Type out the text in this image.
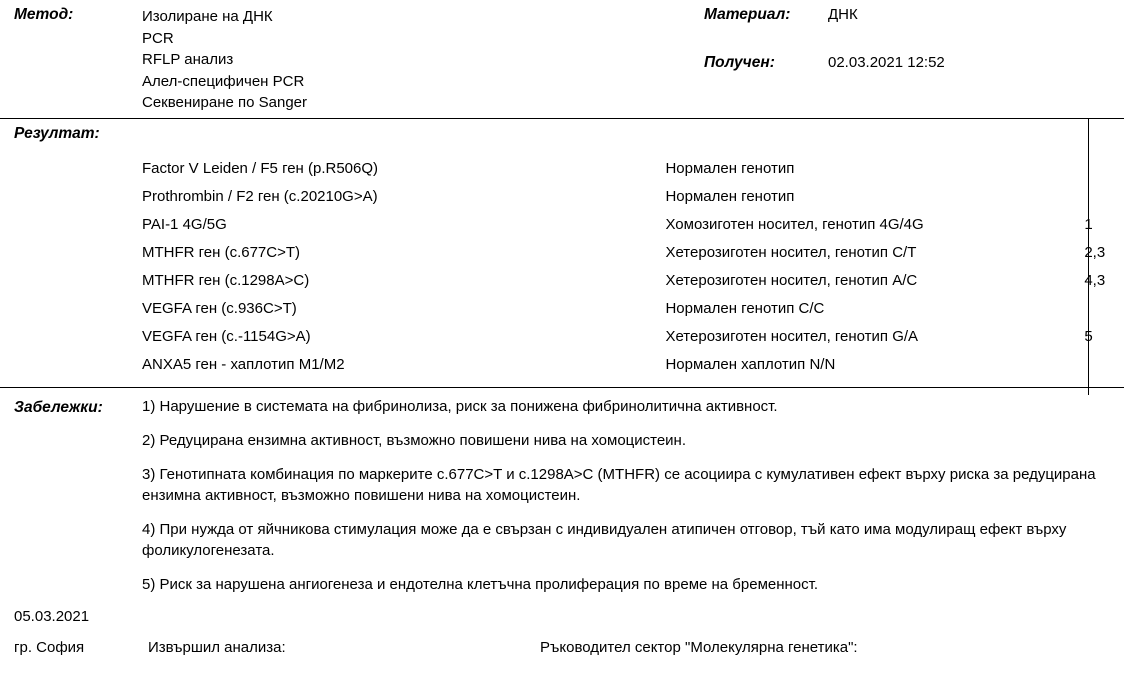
Метод:	Изолиране на ДНК
PCR
RFLP анализ
Алел-специфичен PCR
Секвениране по Sanger
Материал:	ДНК
Получен:	02.03.2021 12:52
Резултат:
Factor V Leiden / F5 ген (p.R506Q)	Нормален генотип	
Prothrombin / F2 ген (c.20210G>A)	Нормален генотип	
PAI-1 4G/5G	Хомозиготен носител, генотип 4G/4G	1
MTHFR ген (c.677C>T)	Хетерозиготен носител, генотип C/T	2,3
MTHFR ген (c.1298A>C)	Хетерозиготен носител, генотип A/C	4,3
VEGFA ген (c.936C>T)	Нормален генотип C/C	
VEGFA ген (c.-1154G>A)	Хетерозиготен носител, генотип G/A	5
ANXA5 ген - хаплотип M1/M2	Нормален хаплотип N/N	
Забележки:	1) Нарушение в системата на фибринолиза, риск за понижена фибринолитична активност.
2) Редуцирана ензимна активност, възможно повишени нива на хомоцистеин.
3) Генотипната комбинация по маркерите c.677C>T и c.1298A>C (MTHFR) се асоциира с кумулативен ефект върху риска за редуцирана ензимна активност, възможно повишени нива на хомоцистеин.
4) При нужда от яйчникова стимулация може да е свързан с индивидуален атипичен отговор, тъй като има модулиращ ефект върху фоликулогенезата.
5) Риск за нарушена ангиогенеза и ендотелна клетъчна пролиферация по време на бременност.
05.03.2021
гр. София	Извършил анализа:	Ръководител сектор "Молекулярна генетика":
